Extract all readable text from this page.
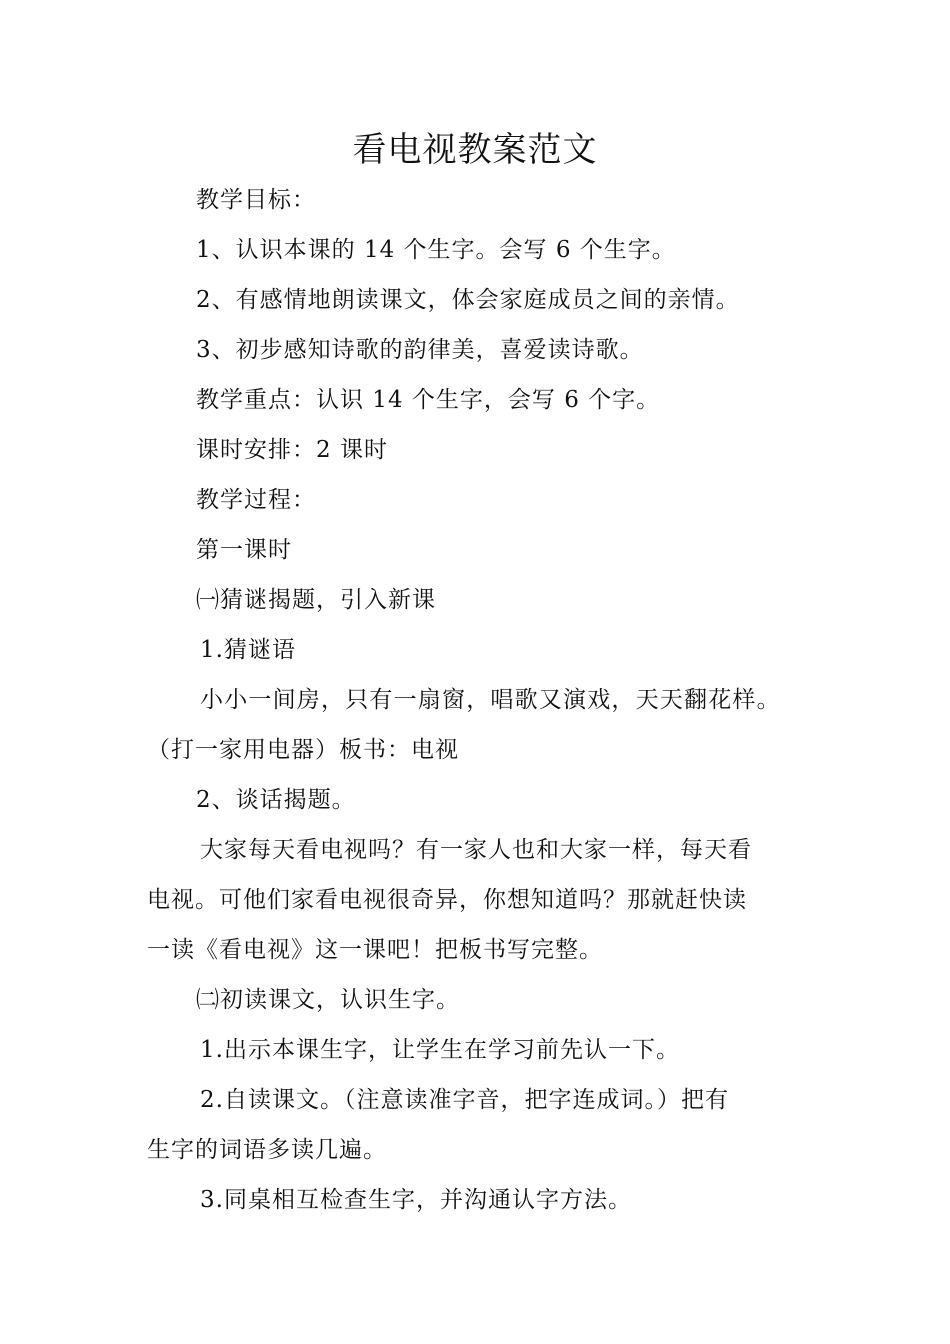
看电视教案范文
教学目标：
1、认识本课的 14 个生字。会写 6 个生字。
2、有感情地朗读课文，体会家庭成员之间的亲情。
3、初步感知诗歌的韵律美，喜爱读诗歌。
教学重点：认识 14 个生字，会写 6 个字。
课时安排：2 课时
教学过程：
第一课时
㈠猜谜揭题，引入新课
1.猜谜语
小小一间房，只有一扇窗，唱歌又演戏，天天翻花样。
（打一家用电器）板书：电视
2、谈话揭题。
大家每天看电视吗？有一家人也和大家一样，每天看
电视。可他们家看电视很奇异，你想知道吗？那就赶快读
一读《看电视》这一课吧！把板书写完整。
㈡初读课文，认识生字。
1.出示本课生字，让学生在学习前先认一下。
2.自读课文。（注意读准字音，把字连成词。）把有
生字的词语多读几遍。
3.同桌相互检查生字，并沟通认字方法。
